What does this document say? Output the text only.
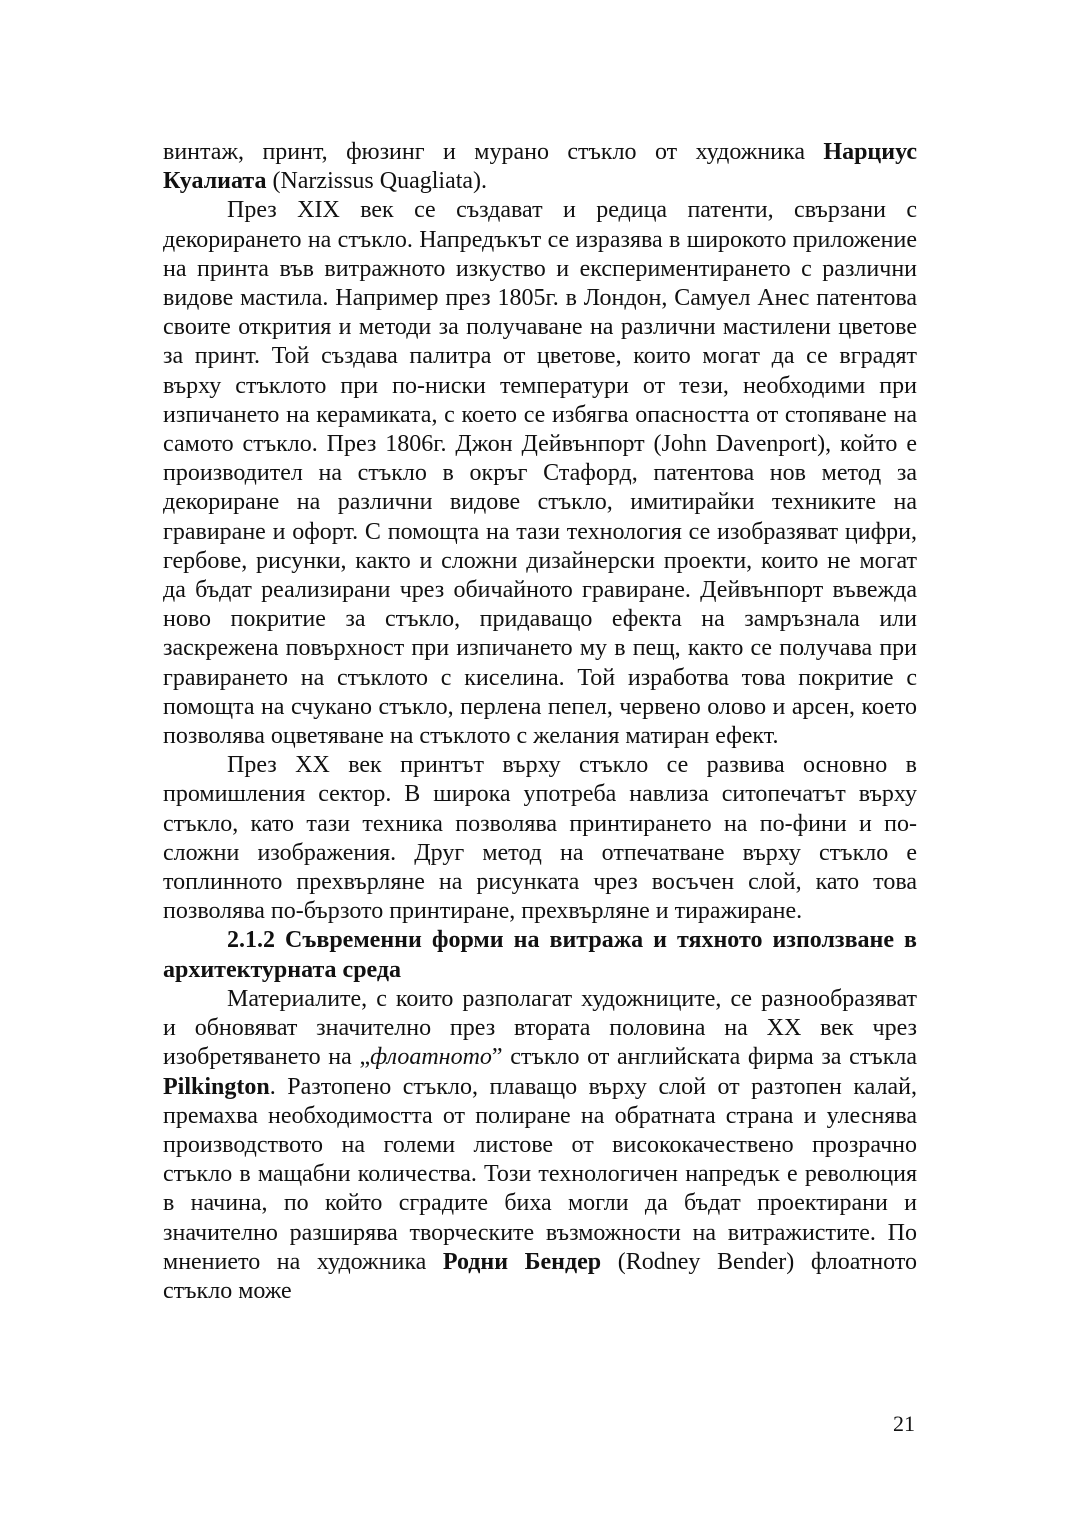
винтаж, принт, фюзинг и мурано стъкло от художника Нарциус Куалиата (Narzissus Quagliata).

През XIX век се създават и редица патенти, свързани с декорирането на стъкло. Напредъкът се изразява в широкото приложение на принта във витражното изкуство и експериментирането с различни видове мастила. Например през 1805г. в Лондон, Самуел Анес патентова своите открития и методи за получаване на различни мастилени цветове за принт. Той създава палитра от цветове, които могат да се вградят върху стъклото при по-ниски температури от тези, необходими при изпичането на керамиката, с което се избягва опасността от стопяване на самото стъкло. През 1806г. Джон Дейвънпорт (John Davenport), който е производител на стъкло в окръг Стафорд, патентова нов метод за декориране на различни видове стъкло, имитирайки техниките на гравиране и офорт. С помощта на тази технология се изобразяват цифри, гербове, рисунки, както и сложни дизайнерски проекти, които не могат да бъдат реализирани чрез обичайното гравиране. Дейвънпорт въвежда ново покритие за стъкло, придаващо ефекта на замръзнала или заскрежена повърхност при изпичането му в пещ, както се получава при гравирането на стъклото с киселина. Той изработва това покритие с помощта на счукано стъкло, перлена пепел, червено олово и арсен, което позволява оцветяване на стъклото с желания матиран ефект.

През XX век принтът върху стъкло се развива основно в промишления сектор. В широка употреба навлиза ситопечатът върху стъкло, като тази техника позволява принтирането на по-фини и по-сложни изображения. Друг метод на отпечатване върху стъкло е топлинното прехвърляне на рисунката чрез восъчен слой, като това позволява по-бързото принтиране, прехвърляне и тиражиране.

2.1.2 Съвременни форми на витража и тяхното използване в архитектурната среда

Материалите, с които разполагат художниците, се разнообразяват и обновяват значително през втората половина на XX век чрез изобретяването на „флоатното” стъкло от английската фирма за стъкла Pilkington. Разтопено стъкло, плаващо върху слой от разтопен калай, премахва необходимостта от полиране на обратната страна и улеснява производството на големи листове от висококачествено прозрачно стъкло в мащабни количества. Този технологичен напредък е революция в начина, по който сградите биха могли да бъдат проектирани и значително разширява творческите възможности на витражистите. По мнението на художника Родни Бендер (Rodney Bender) флоатното стъкло може

21
